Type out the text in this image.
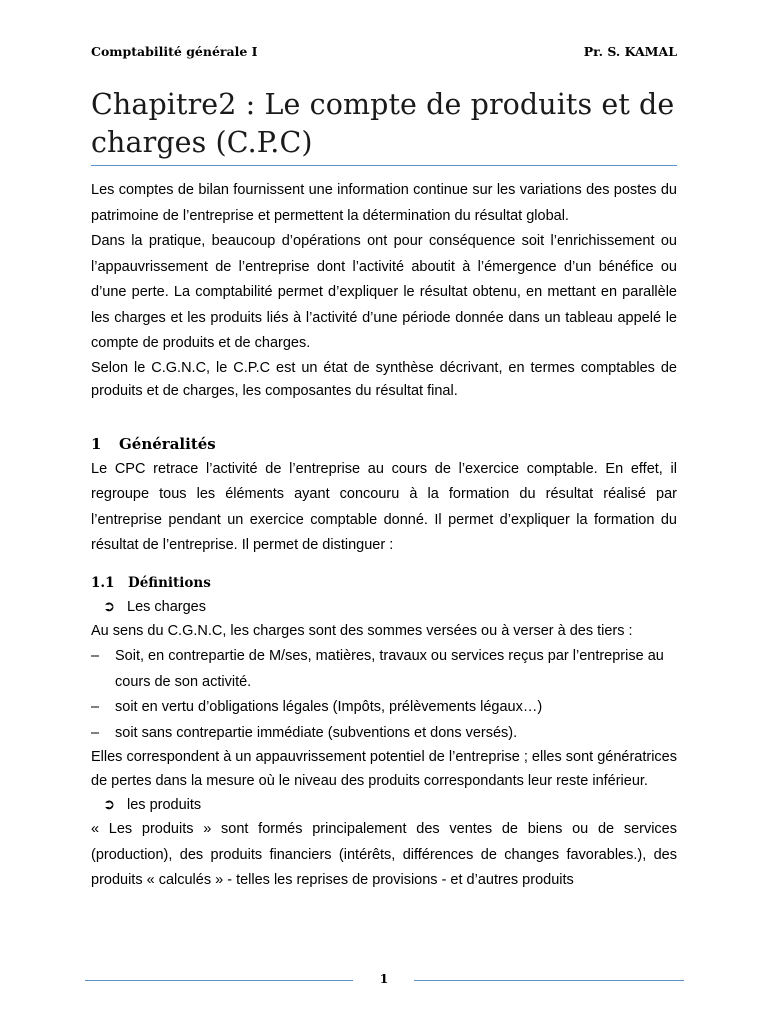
Comptabilité générale I	Pr. S. KAMAL
Chapitre2 : Le compte de produits et de
charges (C.P.C)

Les comptes de bilan fournissent une information continue sur les variations des postes du patrimoine de l’entreprise et permettent la détermination du résultat global.

Dans la pratique, beaucoup d’opérations ont pour conséquence soit l’enrichissement ou l’appauvrissement de l’entreprise dont l’activité aboutit à l’émergence d’un bénéfice ou d’une perte. La comptabilité permet d’expliquer le résultat obtenu, en mettant en parallèle les charges et les produits liés à l’activité d’une période donnée dans un tableau appelé le compte de produits et de charges.

Selon le C.G.N.C, le C.P.C est un état de synthèse décrivant, en termes comptables de produits et de charges, les composantes du résultat final.

1 Généralités

Le CPC retrace l’activité de l’entreprise au cours de l’exercice comptable. En effet, il regroupe tous les éléments ayant concouru à la formation du résultat réalisé par l’entreprise pendant un exercice comptable donné. Il permet d’expliquer la formation du résultat de l’entreprise. Il permet de distinguer :

1.1 Définitions
➲ Les charges

Au sens du C.G.N.C, les charges sont des sommes versées ou à verser à des tiers :

–	Soit, en contrepartie de M/ses, matières, travaux ou services reçus par l’entreprise au cours de son activité.
–	soit en vertu d’obligations légales (Impôts, prélèvements légaux…)
–	soit sans contrepartie immédiate (subventions et dons versés).

Elles correspondent à un appauvrissement potentiel de l’entreprise ; elles sont génératrices de pertes dans la mesure où le niveau des produits correspondants leur reste inférieur.

➲ les produits

« Les produits » sont formés principalement des ventes de biens ou de services (production), des produits financiers (intérêts, différences de changes favorables.), des produits « calculés » - telles les reprises de provisions - et d’autres produits

1
